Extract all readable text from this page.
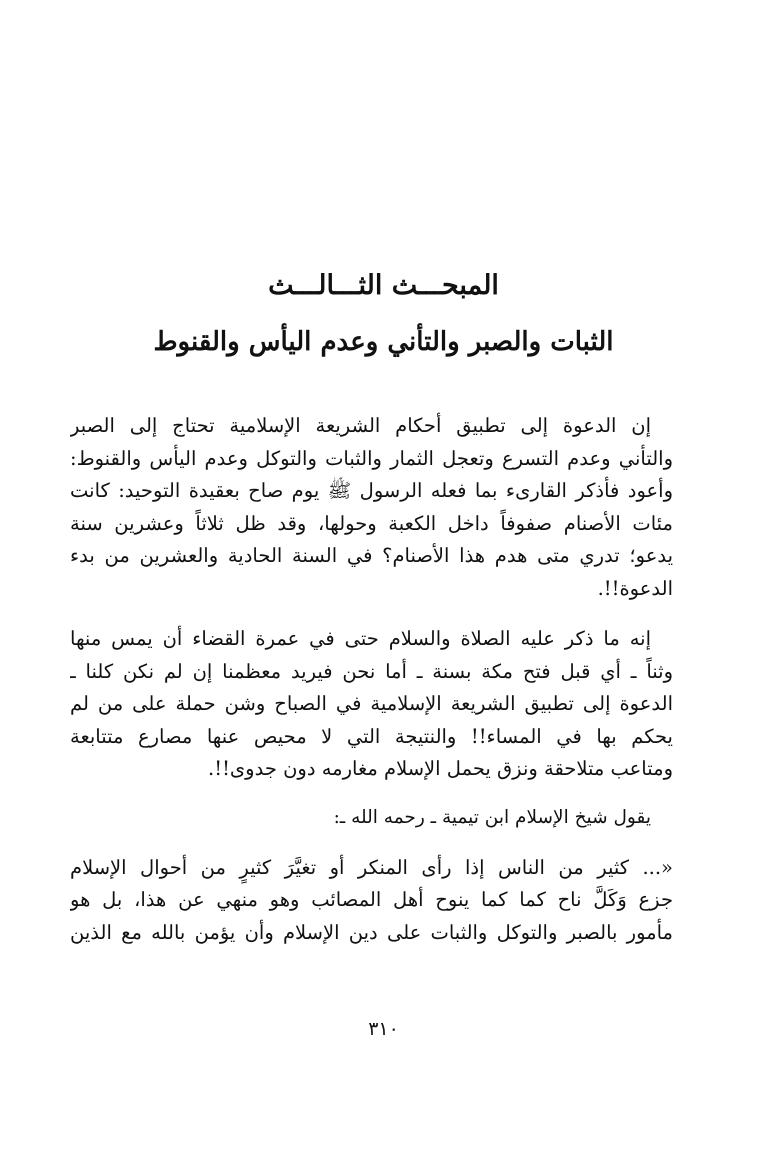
المبحـــث الثـــالـــث
الثبات والصبر والتأني وعدم اليأس والقنوط

إن الدعوة إلى تطبيق أحكام الشريعة الإسلامية تحتاج إلى الصبر
والتأني وعدم التسرع وتعجل الثمار والثبات والتوكل وعدم اليأس والقنوط:
وأعود فأذكر القارىء بما فعله الرسول ﷺ يوم صاح بعقيدة التوحيد: كانت
مئات الأصنام صفوفاً داخل الكعبة وحولها، وقد ظل ثلاثاً وعشرين سنة
يدعو؛ تدري متى هدم هذا الأصنام؟ في السنة الحادية والعشرين من بدء
الدعوة!!.

إنه ما ذكر عليه الصلاة والسلام حتى في عمرة القضاء أن يمس منها
وثناً ـ أي قبل فتح مكة بسنة ـ أما نحن فيريد معظمنا إن لم نكن كلنا ـ
الدعوة إلى تطبيق الشريعة الإسلامية في الصباح وشن حملة على من لم
يحكم بها في المساء!! والنتيجة التي لا محيص عنها مصارع متتابعة
ومتاعب متلاحقة ونزق يحمل الإسلام مغارمه دون جدوى!!.

يقول شيخ الإسلام ابن تيمية ـ رحمه الله ـ:

«... كثير من الناس إذا رأى المنكر أو تغيَّرَ كثيرٍ من أحوال الإسلام
جزع وَكَلَّ ناح كما كما ينوح أهل المصائب وهو منهي عن هذا، بل هو
مأمور بالصبر والتوكل والثبات على دين الإسلام وأن يؤمن بالله مع الذين

٣١٠
